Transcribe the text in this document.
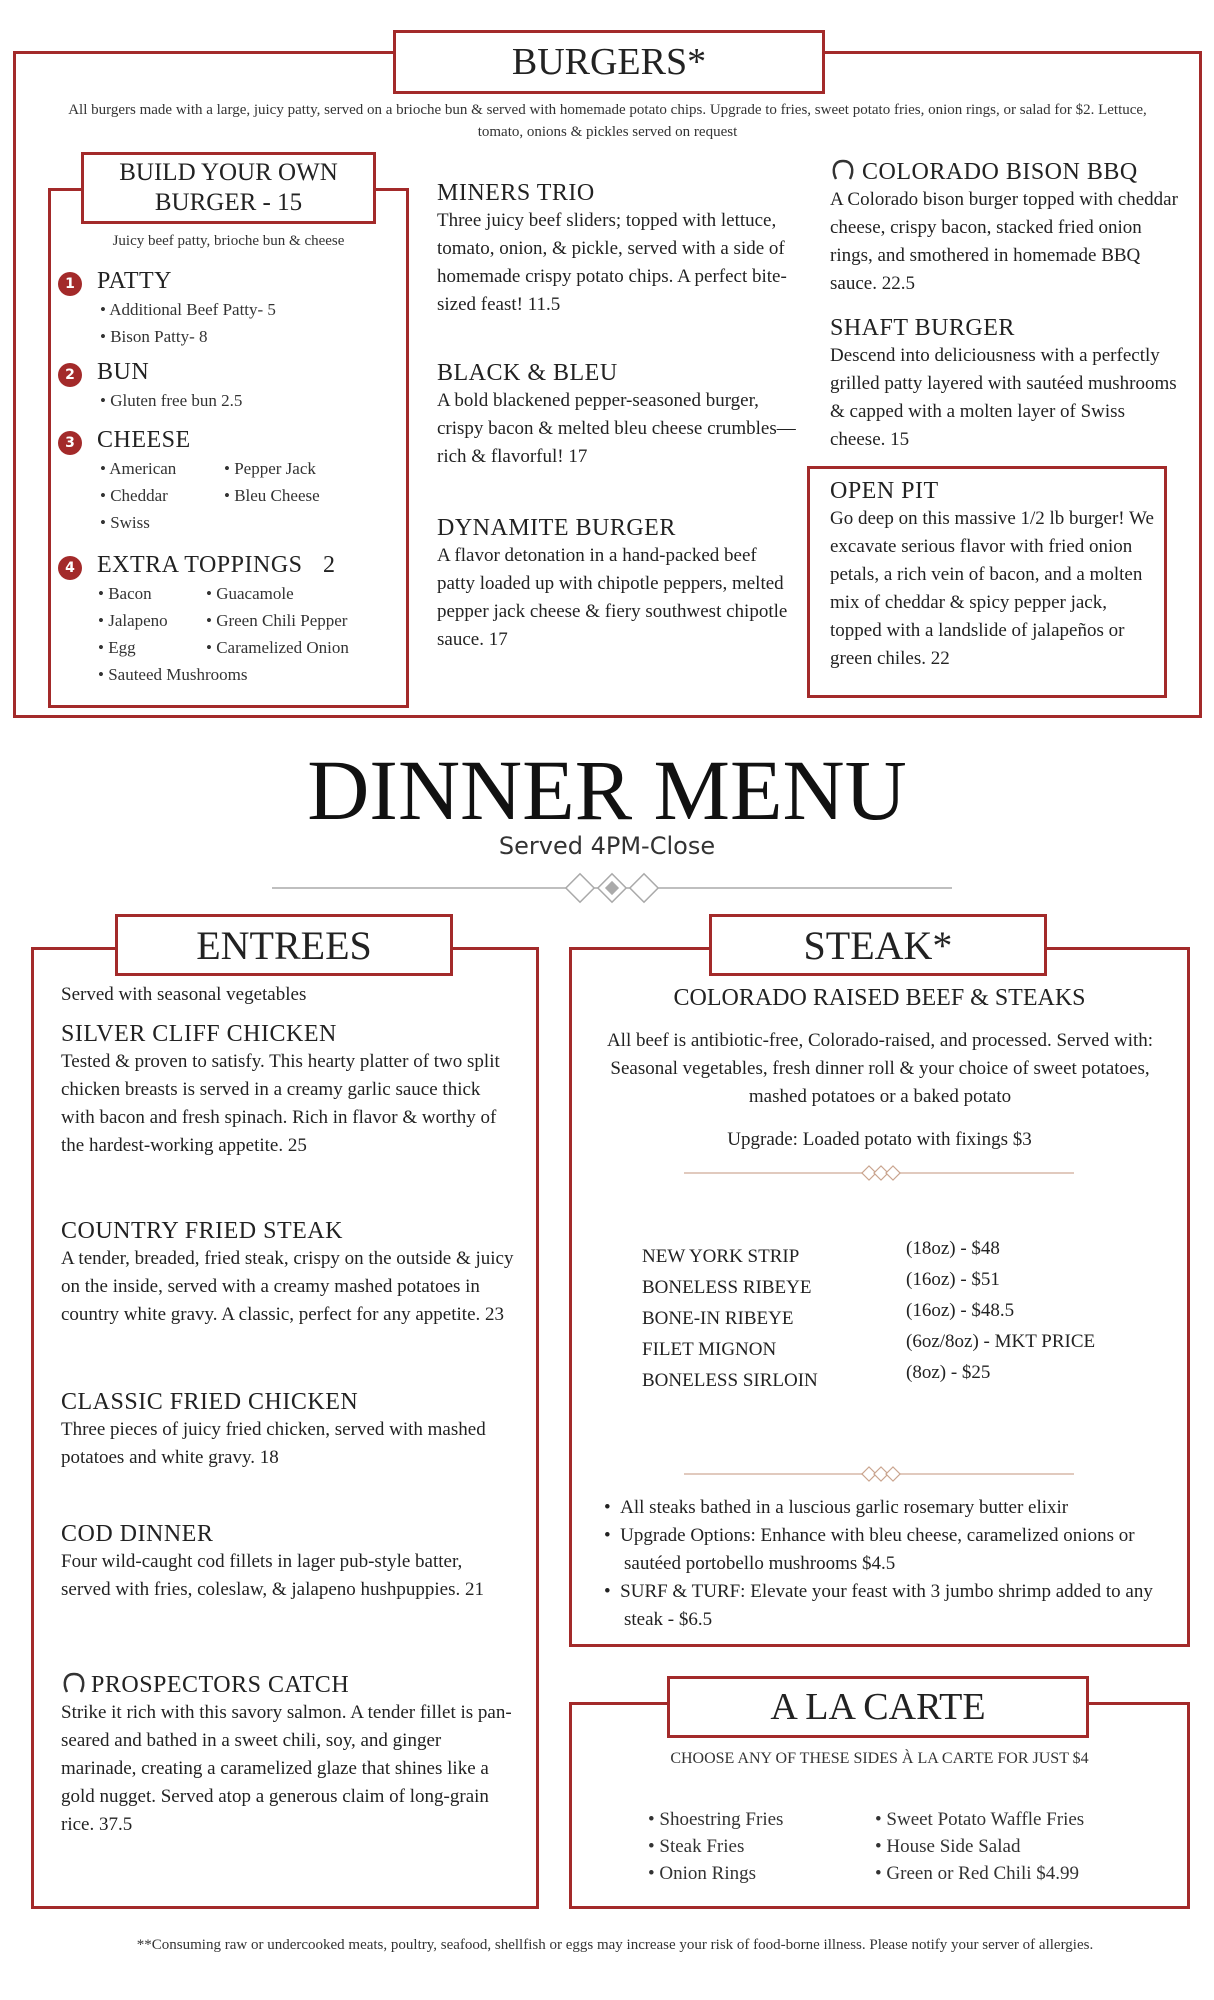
BURGERS*
All burgers made with a large, juicy patty, served on a brioche bun & served with homemade potato chips. Upgrade to fries, sweet potato fries, onion rings, or salad for $2. Lettuce, tomato, onions & pickles served on request
BUILD YOUR OWN
BURGER - 15
Juicy beef patty, brioche bun & cheese
1 PATTY
• Additional Beef Patty- 5
• Bison Patty- 8
2 BUN
• Gluten free bun 2.5
3 CHEESE
• American	• Pepper Jack
• Cheddar	• Bleu Cheese
• Swiss
4 EXTRA TOPPINGS 2
• Bacon	• Guacamole
• Jalapeno • Green Chili Pepper
• Egg	• Caramelized Onion
• Sauteed Mushrooms
MINERS TRIO
Three juicy beef sliders; topped with lettuce, tomato, onion, & pickle, served with a side of homemade crispy potato chips. A perfect bite-sized feast! 11.5
BLACK & BLEU
A bold blackened pepper-seasoned burger, crispy bacon & melted bleu cheese crumbles—rich & flavorful! 17
DYNAMITE BURGER
A flavor detonation in a hand-packed beef patty loaded up with chipotle peppers, melted pepper jack cheese & fiery southwest chipotle sauce. 17
COLORADO BISON BBQ
A Colorado bison burger topped with cheddar cheese, crispy bacon, stacked fried onion rings, and smothered in homemade BBQ sauce. 22.5
SHAFT BURGER
Descend into deliciousness with a perfectly grilled patty layered with sautéed mushrooms & capped with a molten layer of Swiss cheese. 15
OPEN PIT
Go deep on this massive 1/2 lb burger! We excavate serious flavor with fried onion petals, a rich vein of bacon, and a molten mix of cheddar & spicy pepper jack, topped with a landslide of jalapeños or green chiles. 22
DINNER MENU
Served 4PM-Close
ENTREES
Served with seasonal vegetables
SILVER CLIFF CHICKEN
Tested & proven to satisfy. This hearty platter of two split chicken breasts is served in a creamy garlic sauce thick with bacon and fresh spinach. Rich in flavor & worthy of the hardest-working appetite. 25
COUNTRY FRIED STEAK
A tender, breaded, fried steak, crispy on the outside & juicy on the inside, served with a creamy mashed potatoes in country white gravy. A classic, perfect for any appetite. 23
CLASSIC FRIED CHICKEN
Three pieces of juicy fried chicken, served with mashed potatoes and white gravy. 18
COD DINNER
Four wild-caught cod fillets in lager pub-style batter, served with fries, coleslaw, & jalapeno hushpuppies. 21
PROSPECTORS CATCH
Strike it rich with this savory salmon. A tender fillet is pan-seared and bathed in a sweet chili, soy, and ginger marinade, creating a caramelized glaze that shines like a gold nugget. Served atop a generous claim of long-grain rice. 37.5
STEAK*
COLORADO RAISED BEEF & STEAKS
All beef is antibiotic-free, Colorado-raised, and processed. Served with: Seasonal vegetables, fresh dinner roll & your choice of sweet potatoes, mashed potatoes or a baked potato
Upgrade: Loaded potato with fixings $3
NEW YORK STRIP	(18oz) - $48
BONELESS RIBEYE	(16oz) - $51
BONE-IN RIBEYE	(16oz) - $48.5
FILET MIGNON	(6oz/8oz) - MKT PRICE
BONELESS SIRLOIN	(8oz) - $25
•  All steaks bathed in a luscious garlic rosemary butter elixir
•  Upgrade Options: Enhance with bleu cheese, caramelized onions or sautéed portobello mushrooms $4.5
•  SURF & TURF: Elevate your feast with 3 jumbo shrimp added to any steak - $6.5
A LA CARTE
CHOOSE ANY OF THESE SIDES À LA CARTE FOR JUST $4
• Shoestring Fries
• Steak Fries
• Onion Rings
• Sweet Potato Waffle Fries
• House Side Salad
• Green or Red Chili $4.99
**Consuming raw or undercooked meats, poultry, seafood, shellfish or eggs may increase your risk of food-borne illness. Please notify your server of allergies.
